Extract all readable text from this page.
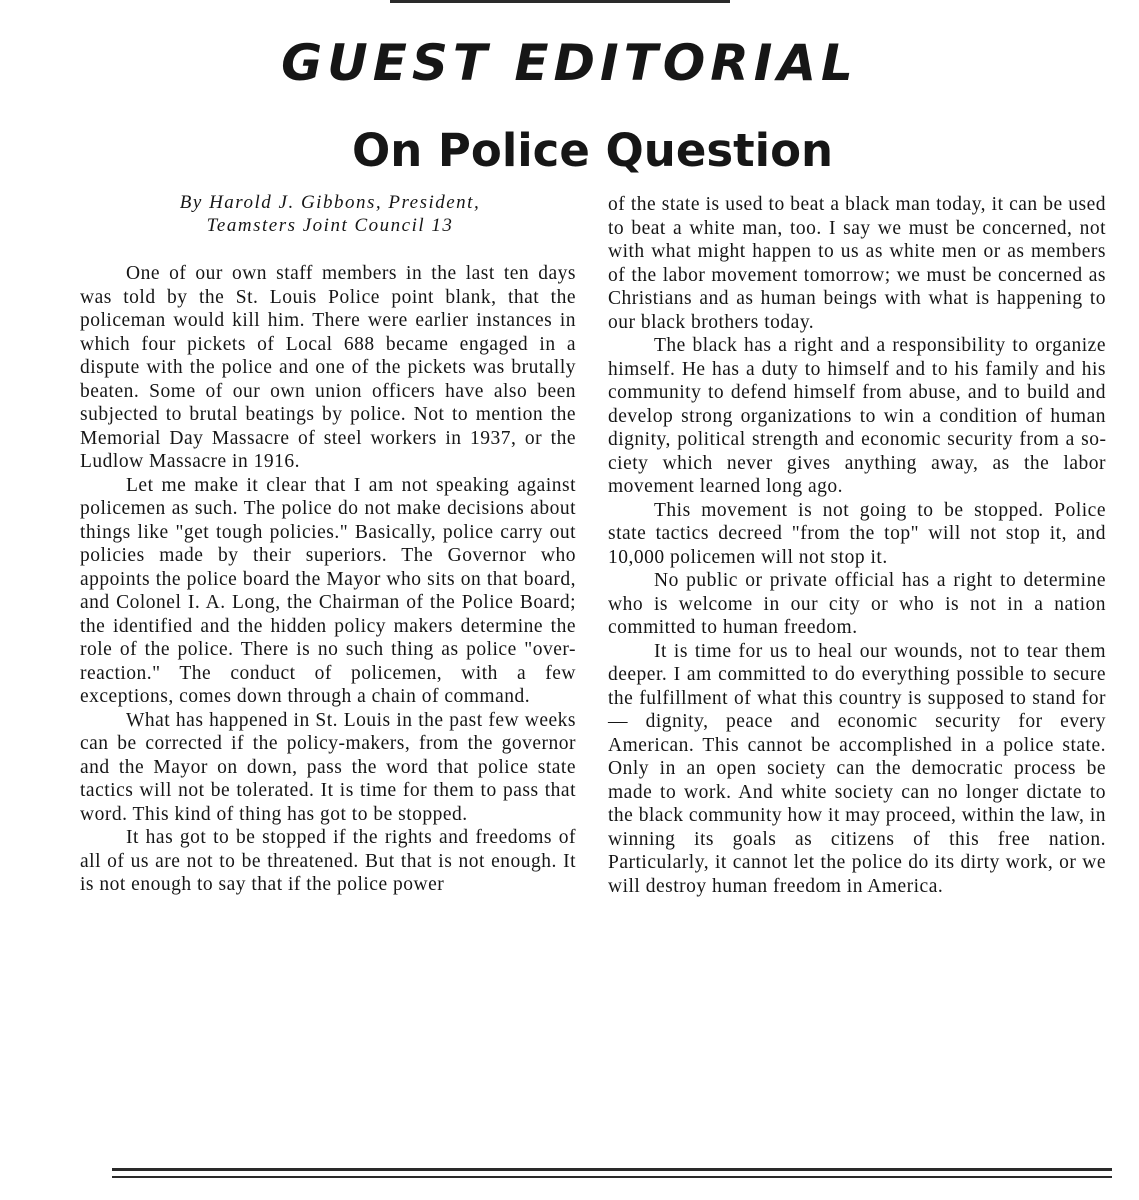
GUEST EDITORIAL
On Police Question
By Harold J. Gibbons, President,
Teamsters Joint Council 13

One of our own staff members in the last ten days was told by the St. Louis Police point blank, that the policeman would kill him. There were earlier instances in which four pickets of Local 688 became engaged in a dispute with the police and one of the pickets was brutally beaten. Some of our own union officers have also been subjected to brutal beatings by police. Not to mention the Memorial Day Massacre of steel workers in 1937, or the Ludlow Massacre in 1916.

Let me make it clear that I am not speaking against policemen as such. The police do not make decisions about things like "get tough policies." Basically, police carry out policies made by their superiors. The Governor who appoints the police board the Mayor who sits on that board, and Colonel I. A. Long, the Chairman of the Police Board; the identified and the hidden policy makers determine the role of the police. There is no such thing as police "over-reaction." The conduct of policemen, with a few exceptions, comes down through a chain of command.

What has happened in St. Louis in the past few weeks can be corrected if the policy-makers, from the governor and the Mayor on down, pass the word that police state tactics will not be tolerated. It is time for them to pass that word. This kind of thing has got to be stopped.

It has got to be stopped if the rights and freedoms of all of us are not to be threatened. But that is not enough. It is not enough to say that if the police power

of the state is used to beat a black man today, it can be used to beat a white man, too. I say we must be concerned, not with what might happen to us as white men or as members of the labor movement tomorrow; we must be concerned as Christians and as human beings with what is happening to our black brothers today.

The black has a right and a responsibility to organize himself. He has a duty to himself and to his family and his community to defend himself from abuse, and to build and develop strong organizations to win a condition of human dignity, political strength and economic security from a society which never gives anything away, as the labor movement learned long ago.

This movement is not going to be stopped. Police state tactics decreed "from the top" will not stop it, and 10,000 policemen will not stop it.

No public or private official has a right to determine who is welcome in our city or who is not in a nation committed to human freedom.

It is time for us to heal our wounds, not to tear them deeper. I am committed to do everything possible to secure the fulfillment of what this country is supposed to stand for — dignity, peace and economic security for every American. This cannot be accomplished in a police state. Only in an open society can the democratic process be made to work. And white society can no longer dictate to the black community how it may proceed, within the law, in winning its goals as citizens of this free nation. Particularly, it cannot let the police do its dirty work, or we will destroy human freedom in America.
